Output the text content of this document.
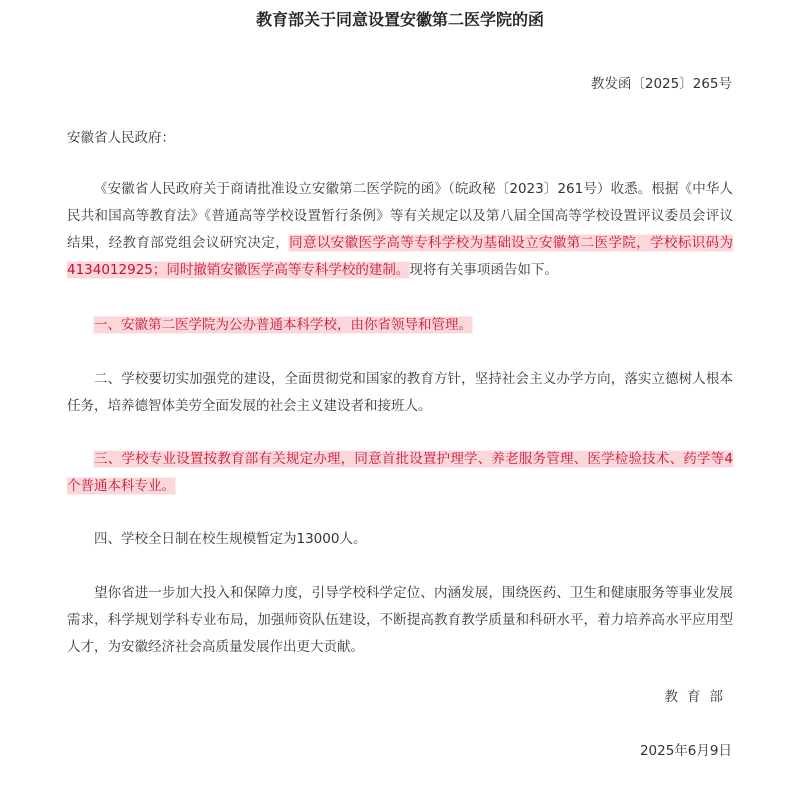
教育部关于同意设置安徽第二医学院的函
教发函〔2025〕265号
安徽省人民政府：
《安徽省人民政府关于商请批准设立安徽第二医学院的函》（皖政秘〔2023〕261号）收悉。根据《中华人民共和国高等教育法》《普通高等学校设置暂行条例》等有关规定以及第八届全国高等学校设置评议委员会评议结果，经教育部党组会议研究决定，同意以安徽医学高等专科学校为基础设立安徽第二医学院，学校标识码为4134012925；同时撤销安徽医学高等专科学校的建制。现将有关事项函告如下。
一、安徽第二医学院为公办普通本科学校，由你省领导和管理。
二、学校要切实加强党的建设，全面贯彻党和国家的教育方针，坚持社会主义办学方向，落实立德树人根本任务，培养德智体美劳全面发展的社会主义建设者和接班人。
三、学校专业设置按教育部有关规定办理，同意首批设置护理学、养老服务管理、医学检验技术、药学等4个普通本科专业。
四、学校全日制在校生规模暂定为13000人。
望你省进一步加大投入和保障力度，引导学校科学定位、内涵发展，围绕医药、卫生和健康服务等事业发展需求，科学规划学科专业布局，加强师资队伍建设，不断提高教育教学质量和科研水平，着力培养高水平应用型人才，为安徽经济社会高质量发展作出更大贡献。
教育部
2025年6月9日
